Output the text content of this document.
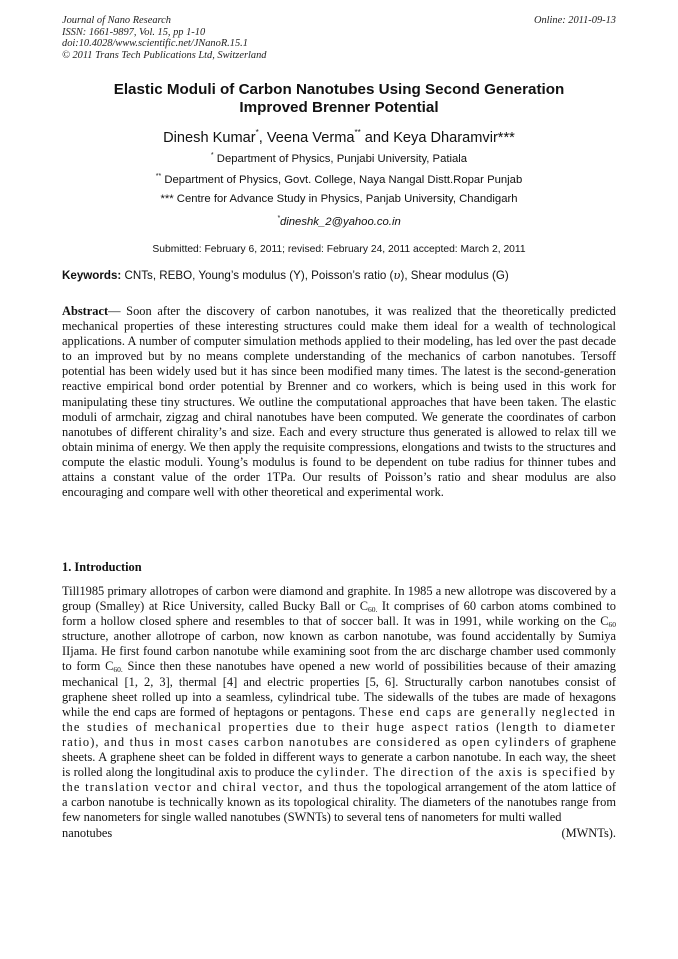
Journal of Nano Research
ISSN: 1661-9897, Vol. 15, pp 1-10
doi:10.4028/www.scientific.net/JNanoR.15.1
© 2011 Trans Tech Publications Ltd, Switzerland
Online: 2011-09-13
Elastic Moduli of Carbon Nanotubes Using Second Generation
Improved Brenner Potential
Dinesh Kumar*, Veena Verma** and Keya Dharamvir***
* Department of Physics, Punjabi University, Patiala
** Department of Physics, Govt. College, Naya Nangal Distt.Ropar Punjab
*** Centre for Advance Study in Physics, Panjab University, Chandigarh
*dineshk_2@yahoo.co.in
Submitted: February 6, 2011; revised: February 24, 2011 accepted: March 2, 2011
Keywords: CNTs, REBO, Young’s modulus (Y), Poisson’s ratio (υ), Shear modulus (G)
Abstract— Soon after the discovery of carbon nanotubes, it was realized that the theoretically predicted mechanical properties of these interesting structures could make them ideal for a wealth of technological applications. A number of computer simulation methods applied to their modeling, has led over the past decade to an improved but by no means complete understanding of the mechanics of carbon nanotubes. Tersoff potential has been widely used but it has since been modified many times. The latest is the second-generation reactive empirical bond order potential by Brenner and co workers, which is being used in this work for manipulating these tiny structures. We outline the computational approaches that have been taken. The elastic moduli of armchair, zigzag and chiral nanotubes have been computed. We generate the coordinates of carbon nanotubes of different chirality’s and size. Each and every structure thus generated is allowed to relax till we obtain minima of energy. We then apply the requisite compressions, elongations and twists to the structures and compute the elastic moduli. Young’s modulus is found to be dependent on tube radius for thinner tubes and attains a constant value of the order 1TPa. Our results of Poisson’s ratio and shear modulus are also encouraging and compare well with other theoretical and experimental work.
1. Introduction
Till1985 primary allotropes of carbon were diamond and graphite. In 1985 a new allotrope was discovered by a group (Smalley) at Rice University, called Bucky Ball or $C_{60.}$ It comprises of 60 carbon atoms combined to form a hollow closed sphere and resembles to that of soccer ball. It was in 1991, while working on the $C_{60}$ structure, another allotrope of carbon, now known as carbon nanotube, was found accidentally by Sumiya IIjama. He first found carbon nanotube while examining soot from the arc discharge chamber used commonly to form $C_{60.}$ Since then these nanotubes have opened a new world of possibilities because of their amazing mechanical [1, 2, 3], thermal [4] and electric properties [5, 6]. Structurally carbon nanotubes consist of graphene sheet rolled up into a seamless, cylindrical tube. The sidewalls of the tubes are made of hexagons while the end caps are formed of heptagons or pentagons. These end caps are generally neglected in the studies of mechanical properties due to their huge aspect ratios (length to diameter ratio), and thus in most cases carbon nanotubes are considered as open cylinders of graphene sheets. A graphene sheet can be folded in different ways to generate a carbon nanotube. In each way, the sheet is rolled along the longitudinal axis to produce the cylinder. The direction of the axis is specified by the translation vector and chiral vector, and thus the topological arrangement of the atom lattice of a carbon nanotube is technically known as its topological chirality. The diameters of the nanotubes range from few nanometers for single walled nanotubes (SWNTs) to several tens of nanometers for multi walled
nanotubes	(MWNTs).
